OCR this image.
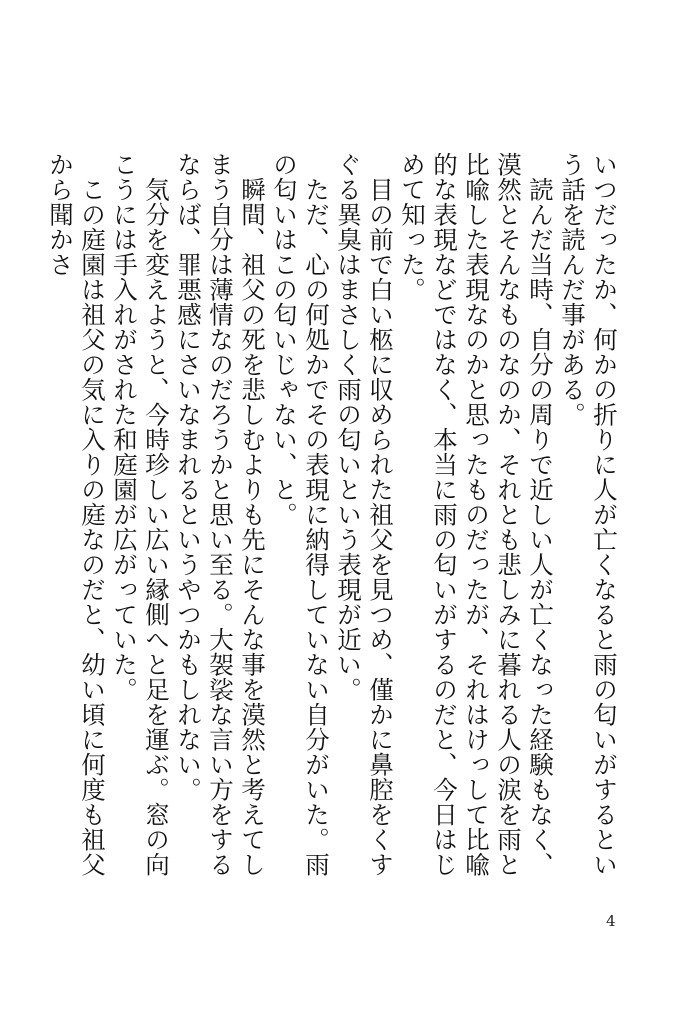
いつだったか、何かの折りに人が亡くなると雨の匂いがするという話を読んだ事がある。

　読んだ当時、自分の周りで近しい人が亡くなった経験もなく、漠然とそんなものなのか、それとも悲しみに暮れる人の涙を雨と比喩した表現なのかと思ったものだったが、それはけっして比喩的な表現などではなく、本当に雨の匂いがするのだと、今日はじめて知った。

　目の前で白い柩に収められた祖父を見つめ、僅かに鼻腔をくすぐる異臭はまさしく雨の匂いという表現が近い。

　ただ、心の何処かでその表現に納得していない自分がいた。雨の匂いはこの匂いじゃない、と。

　瞬間、祖父の死を悲しむよりも先にそんな事を漠然と考えてしまう自分は薄情なのだろうかと思い至る。大袈裟な言い方をするならば、罪悪感にさいなまれるというやつかもしれない。

　気分を変えようと、今時珍しい広い縁側へと足を運ぶ。窓の向こうには手入れがされた和庭園が広がっていた。

　この庭園は祖父の気に入りの庭なのだと、幼い頃に何度も祖父から聞かさ

4
